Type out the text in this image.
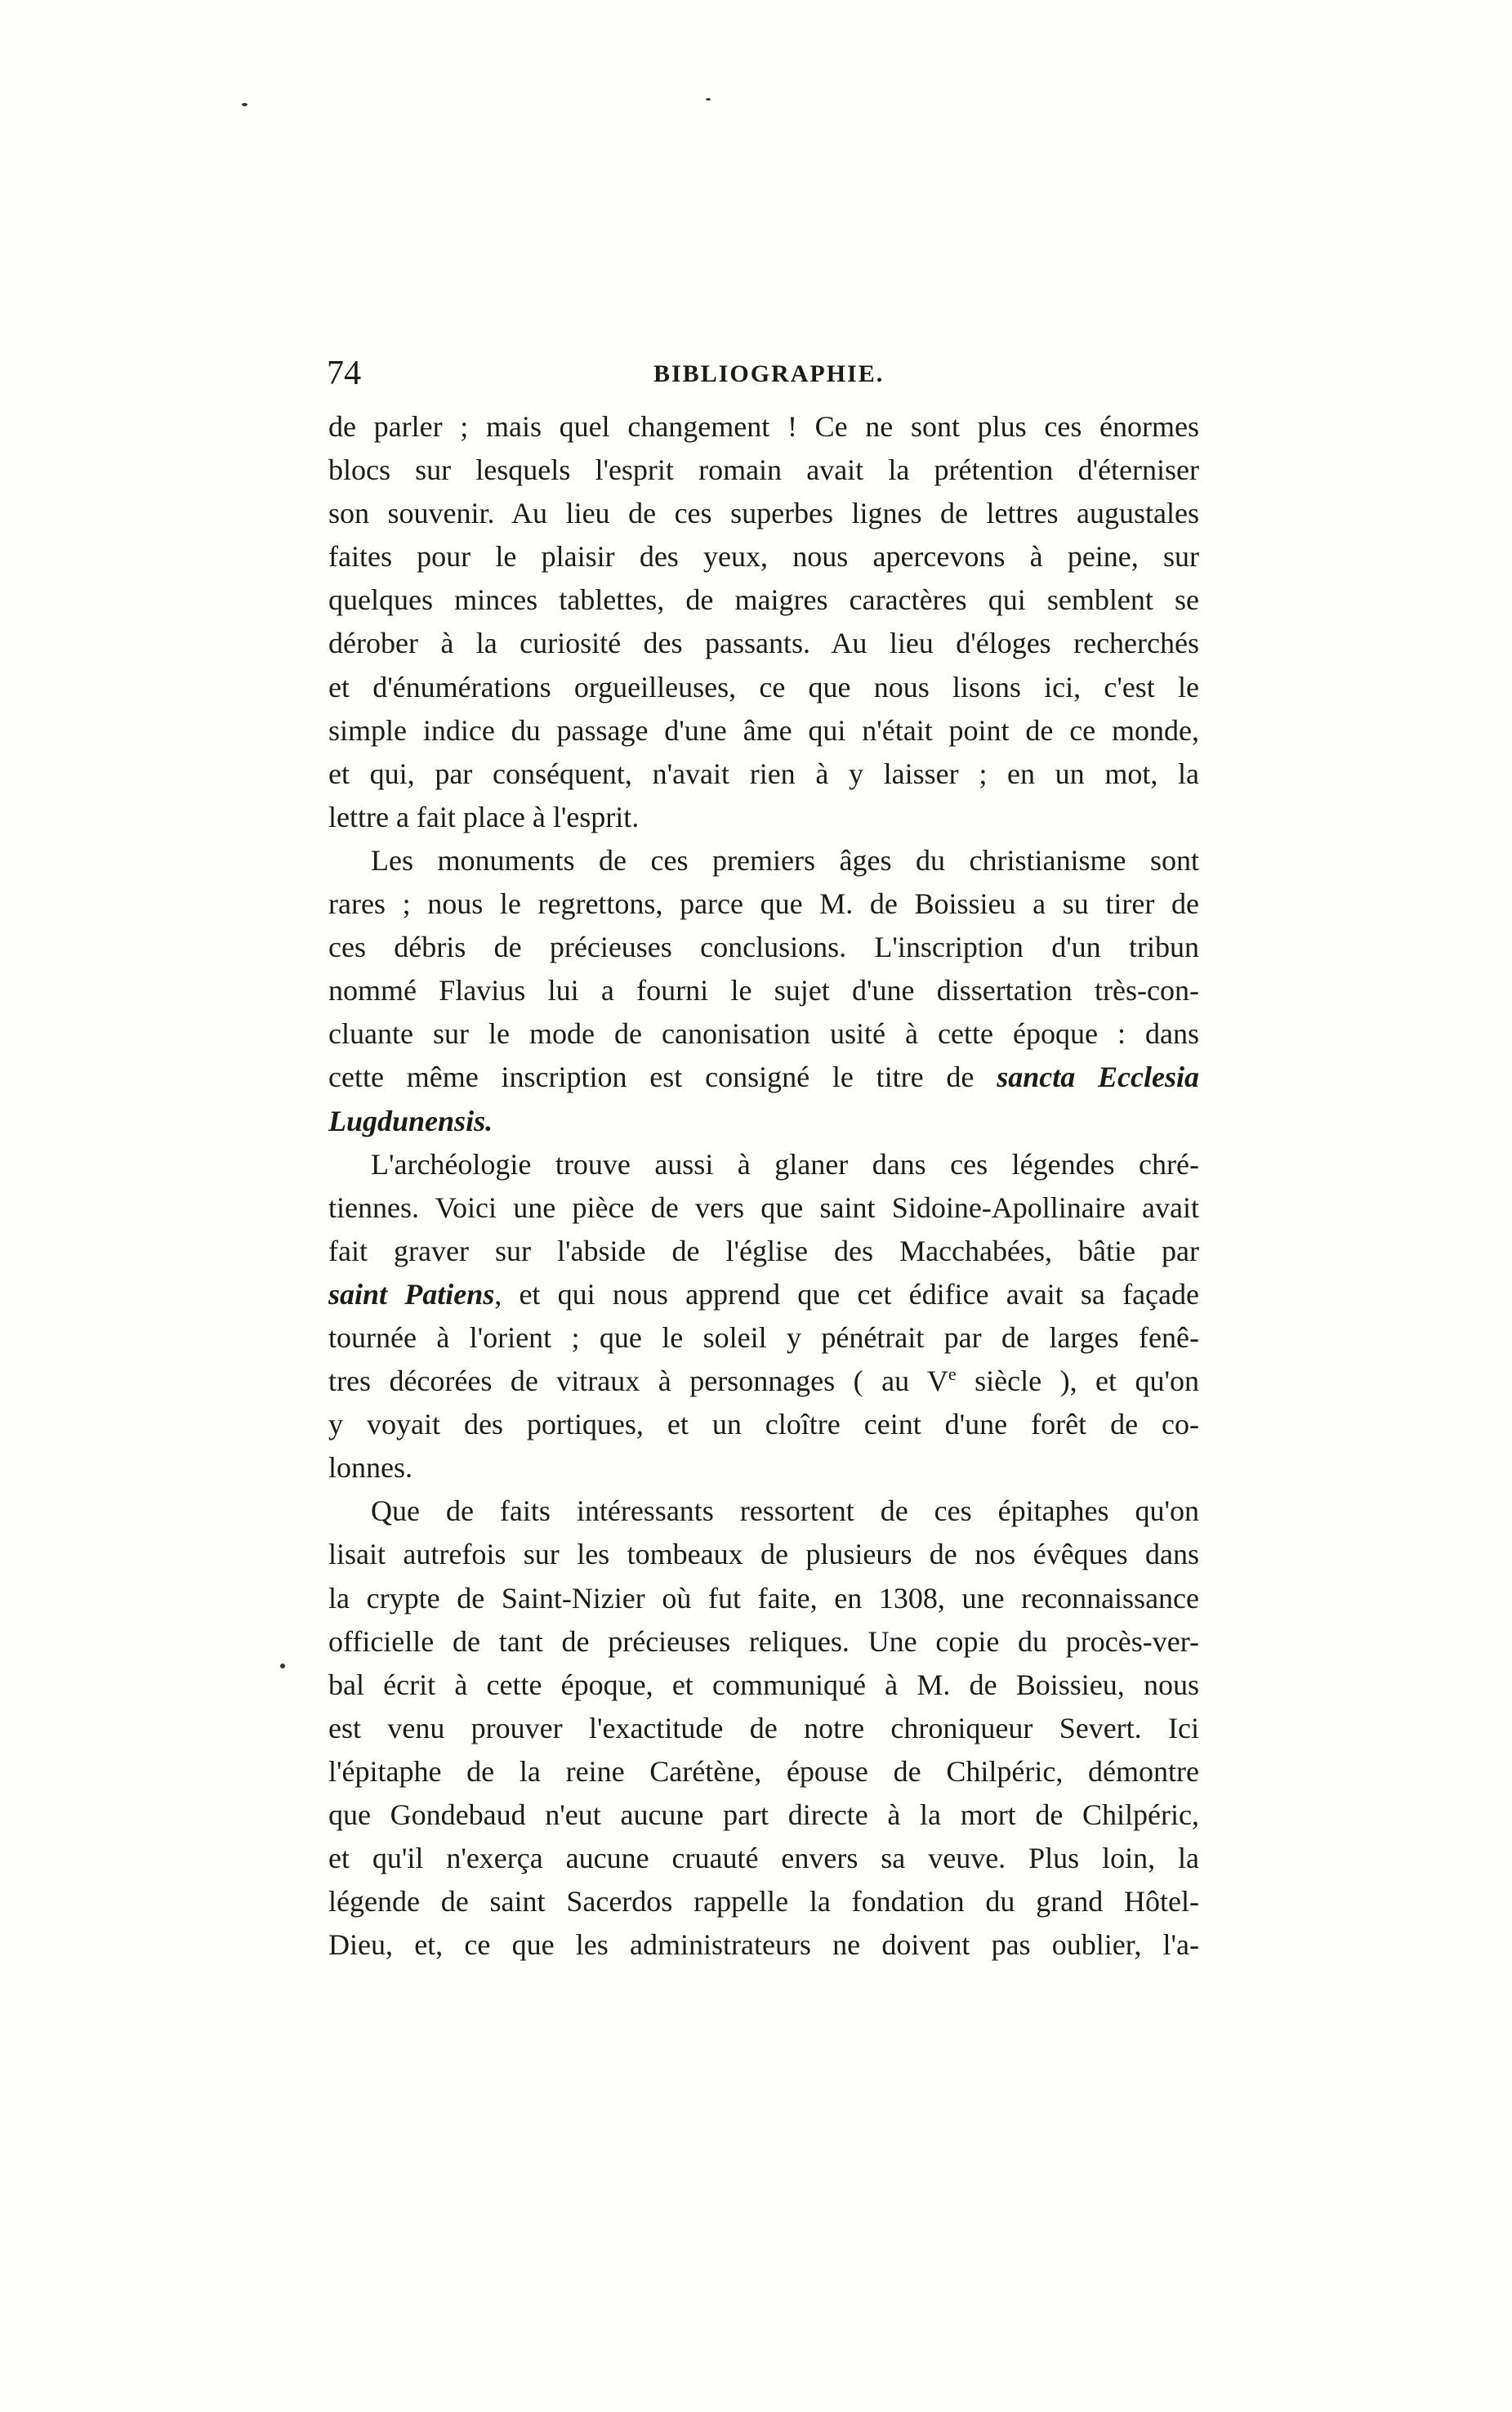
74	BIBLIOGRAPHIE.
de parler ; mais quel changement ! Ce ne sont plus ces énormes
blocs sur lesquels l'esprit romain avait la prétention d'éterniser
son souvenir. Au lieu de ces superbes lignes de lettres augustales
faites pour le plaisir des yeux, nous apercevons à peine, sur
quelques minces tablettes, de maigres caractères qui semblent se
dérober à la curiosité des passants. Au lieu d'éloges recherchés
et d'énumérations orgueilleuses, ce que nous lisons ici, c'est le
simple indice du passage d'une âme qui n'était point de ce monde,
et qui, par conséquent, n'avait rien à y laisser ; en un mot, la
lettre a fait place à l'esprit.
Les monuments de ces premiers âges du christianisme sont
rares ; nous le regrettons, parce que M. de Boissieu a su tirer de
ces débris de précieuses conclusions. L'inscription d'un tribun
nommé Flavius lui a fourni le sujet d'une dissertation très-con-
cluante sur le mode de canonisation usité à cette époque : dans
cette même inscription est consigné le titre de sancta Ecclesia
Lugdunensis.
L'archéologie trouve aussi à glaner dans ces légendes chré-
tiennes. Voici une pièce de vers que saint Sidoine-Apollinaire avait
fait graver sur l'abside de l'église des Macchabées, bâtie par
saint Patiens, et qui nous apprend que cet édifice avait sa façade
tournée à l'orient ; que le soleil y pénétrait par de larges fenê-
tres décorées de vitraux à personnages ( au Ve siècle ), et qu'on
y voyait des portiques, et un cloître ceint d'une forêt de co-
lonnes.
Que de faits intéressants ressortent de ces épitaphes qu'on
lisait autrefois sur les tombeaux de plusieurs de nos évêques dans
la crypte de Saint-Nizier où fut faite, en 1308, une reconnaissance
officielle de tant de précieuses reliques. Une copie du procès-ver-
bal écrit à cette époque, et communiqué à M. de Boissieu, nous
est venu prouver l'exactitude de notre chroniqueur Severt. Ici
l'épitaphe de la reine Carétène, épouse de Chilpéric, démontre
que Gondebaud n'eut aucune part directe à la mort de Chilpéric,
et qu'il n'exerça aucune cruauté envers sa veuve. Plus loin, la
légende de saint Sacerdos rappelle la fondation du grand Hôtel-
Dieu, et, ce que les administrateurs ne doivent pas oublier, l'a-
